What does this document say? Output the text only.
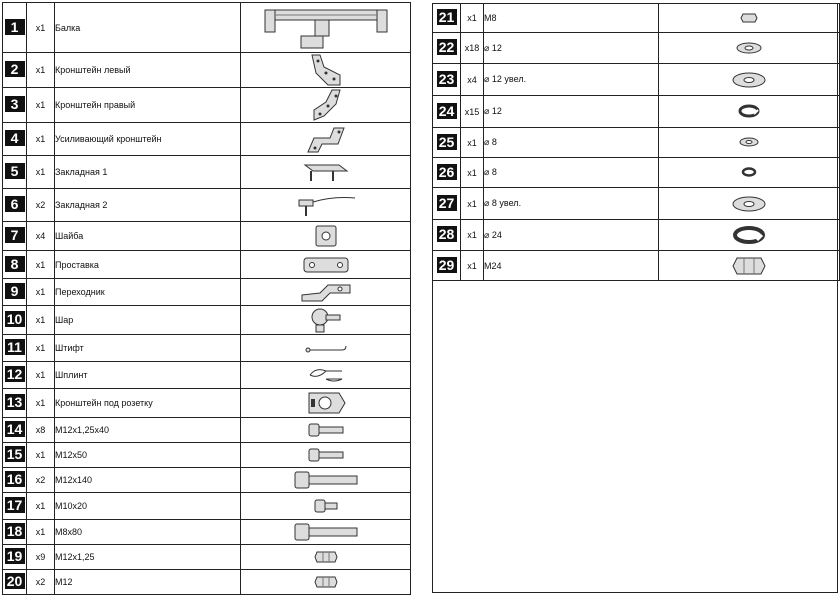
1	x1	Балка	
2	x1	Кронштейн левый	
3	x1	Кронштейн правый	
4	x1	Усиливающий кронштейн	
5	x1	Закладная 1	
6	x2	Закладная 2	
7	x4	Шайба	
8	x1	Проставка	
9	x1	Переходник	
10	x1	Шар	
11	x1	Штифт	
12	x1	Шплинт	
13	x1	Кронштейн под розетку	
14	x8	M12x1,25x40	
15	x1	M12x50	
16	x2	M12x140	
17	x1	M10x20	
18	x1	M8x80	
19	x9	M12x1,25	
20	x2	M12	
21	x1	M8	
22	x18	⌀ 12	
23	x4	⌀ 12 увел.	
24	x15	⌀ 12	
25	x1	⌀ 8	
26	x1	⌀ 8	
27	x1	⌀ 8 увел.	
28	x1	⌀ 24	
29	x1	M24	
